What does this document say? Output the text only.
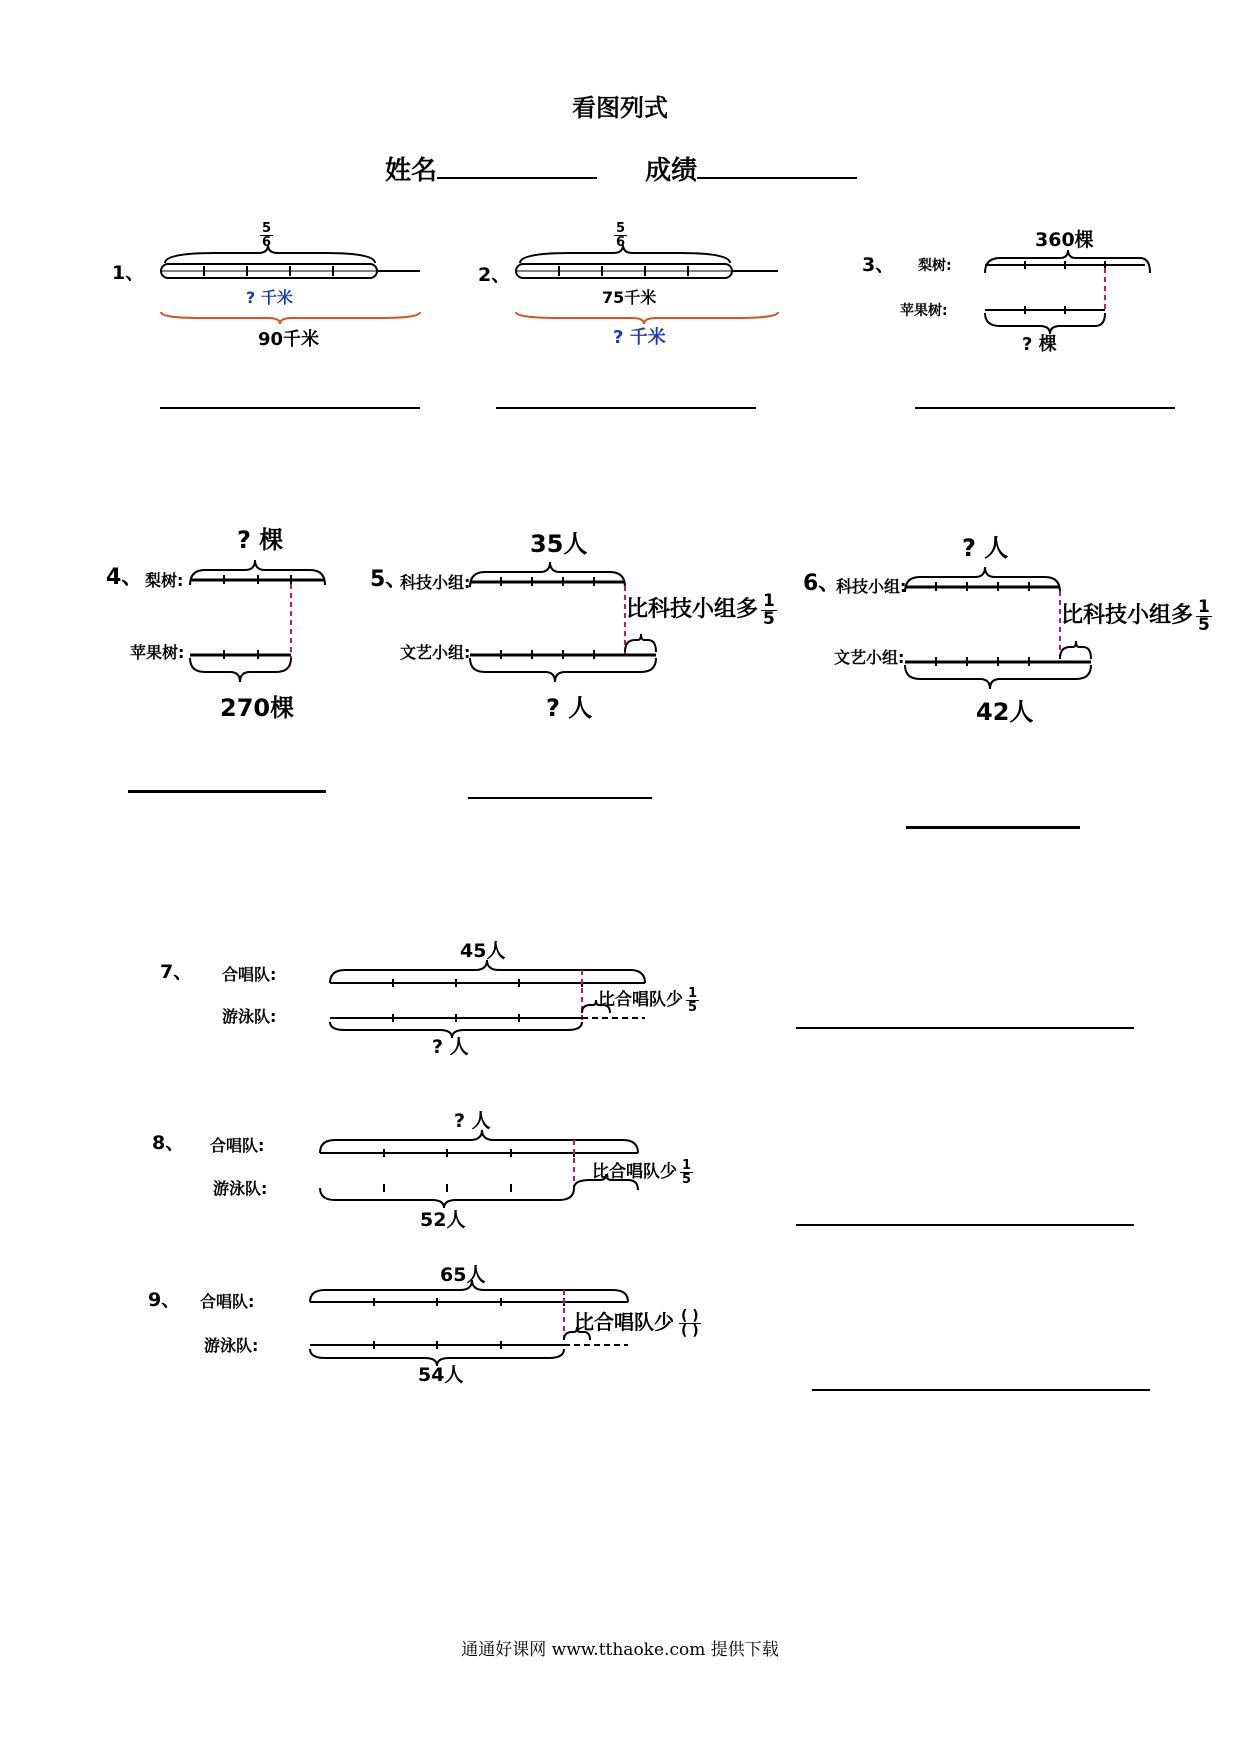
看图列式
姓名	成绩
1、
$\frac{5}{6}$
? 千米
90千米
2、
$\frac{5}{6}$
75千米
? 千米
3、
360棵
梨树:
苹果树:
? 棵
4、
? 棵
梨树:
苹果树:
270棵
5、
35人
科技小组:
文艺小组:
比科技小组多 $\frac{1}{5}$
? 人
6、
? 人
科技小组:
文艺小组:
比科技小组多 $\frac{1}{5}$
42人
7、 合唱队:
游泳队:
45人
比合唱队少 $\frac{1}{5}$
? 人
8、 合唱队:
游泳队:
? 人
比合唱队少 $\frac{1}{5}$
52人
9、 合唱队:
游泳队:
65人
比合唱队少 $\frac{( )}{( )}$
54人
通通好课网 www.tthaoke.com 提供下载
